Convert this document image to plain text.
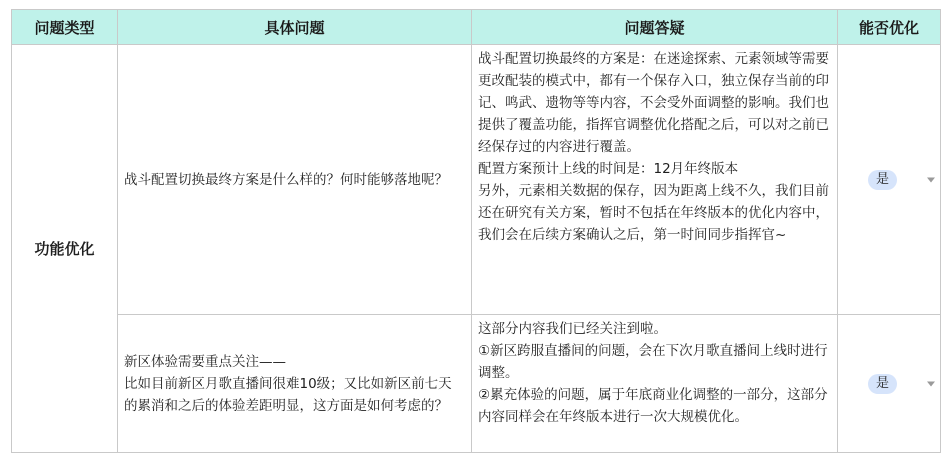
问题类型	具体问题	问题答疑	能否优化
功能优化	战斗配置切换最终方案是什么样的？何时能够落地呢？	战斗配置切换最终的方案是：在迷途探索、元素领域等需要更改配装的模式中，都有一个保存入口，独立保存当前的印记、鸣武、遗物等等内容，不会受外面调整的影响。我们也提供了覆盖功能，指挥官调整优化搭配之后，可以对之前已经保存过的内容进行覆盖。
配置方案预计上线的时间是：12月年终版本
另外，元素相关数据的保存，因为距离上线不久，我们目前还在研究有关方案，暂时不包括在年终版本的优化内容中，我们会在后续方案确认之后，第一时间同步指挥官~	是

	新区体验需要重点关注——
比如目前新区月歌直播间很难10级；又比如新区前七天的累消和之后的体验差距明显，这方面是如何考虑的？	这部分内容我们已经关注到啦。
①新区跨服直播间的问题，会在下次月歌直播间上线时进行调整。
②累充体验的问题，属于年底商业化调整的一部分，这部分内容同样会在年终版本进行一次大规模优化。	是
